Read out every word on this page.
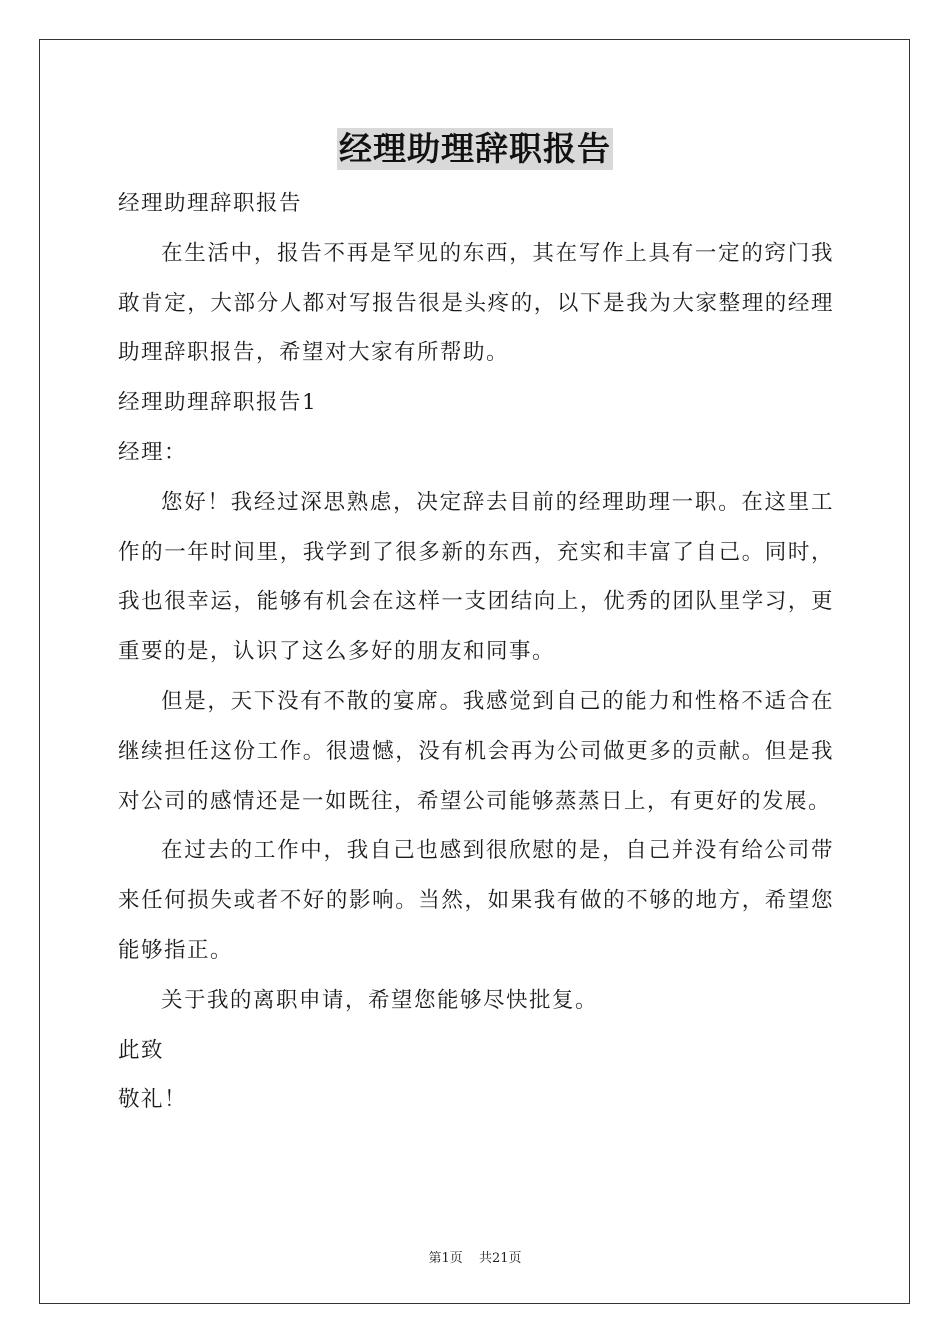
经理助理辞职报告

经理助理辞职报告

在生活中，报告不再是罕见的东西，其在写作上具有一定的窍门我敢肯定，大部分人都对写报告很是头疼的，以下是我为大家整理的经理助理辞职报告，希望对大家有所帮助。

经理助理辞职报告1

经理：

您好！我经过深思熟虑，决定辞去目前的经理助理一职。在这里工作的一年时间里，我学到了很多新的东西，充实和丰富了自己。同时，我也很幸运，能够有机会在这样一支团结向上，优秀的团队里学习，更重要的是，认识了这么多好的朋友和同事。

但是，天下没有不散的宴席。我感觉到自己的能力和性格不适合在继续担任这份工作。很遗憾，没有机会再为公司做更多的贡献。但是我对公司的感情还是一如既往，希望公司能够蒸蒸日上，有更好的发展。

在过去的工作中，我自己也感到很欣慰的是，自己并没有给公司带来任何损失或者不好的影响。当然，如果我有做的不够的地方，希望您能够指正。

关于我的离职申请，希望您能够尽快批复。

此致

敬礼！

第1页 共21页
